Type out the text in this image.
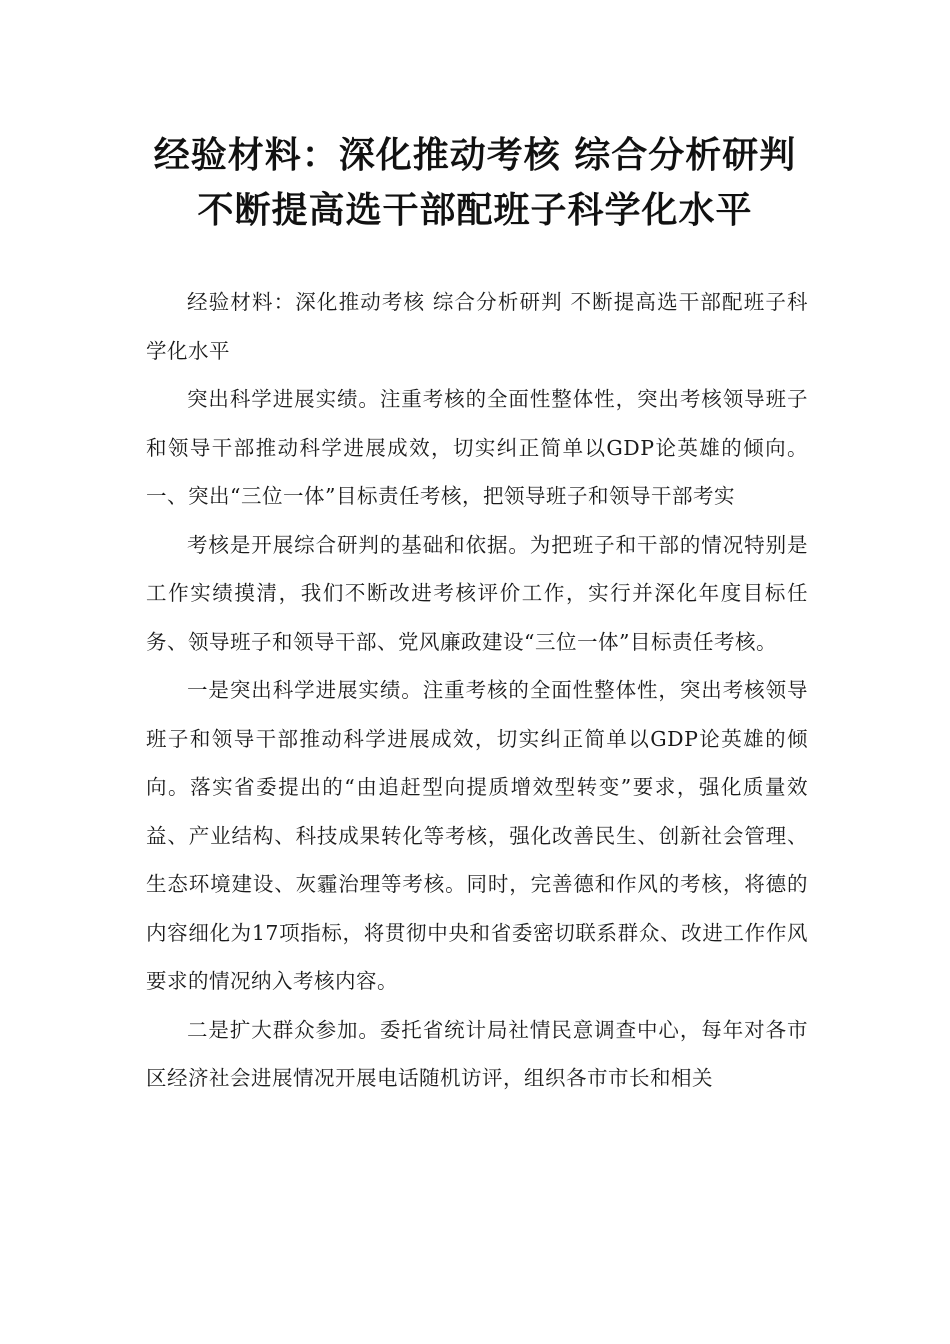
经验材料：深化推动考核 综合分析研判 不断提高选干部配班子科学化水平

经验材料：深化推动考核 综合分析研判 不断提高选干部配班子科学化水平

突出科学进展实绩。注重考核的全面性整体性，突出考核领导班子和领导干部推动科学进展成效，切实纠正简单以GDP论英雄的倾向。一、突出“三位一体”目标责任考核，把领导班子和领导干部考实

考核是开展综合研判的基础和依据。为把班子和干部的情况特别是工作实绩摸清，我们不断改进考核评价工作，实行并深化年度目标任务、领导班子和领导干部、党风廉政建设“三位一体”目标责任考核。

一是突出科学进展实绩。注重考核的全面性整体性，突出考核领导班子和领导干部推动科学进展成效，切实纠正简单以GDP论英雄的倾向。落实省委提出的“由追赶型向提质增效型转变”要求，强化质量效益、产业结构、科技成果转化等考核，强化改善民生、创新社会管理、生态环境建设、灰霾治理等考核。同时，完善德和作风的考核，将德的内容细化为17项指标，将贯彻中央和省委密切联系群众、改进工作作风要求的情况纳入考核内容。

二是扩大群众参加。委托省统计局社情民意调查中心，每年对各市区经济社会进展情况开展电话随机访评，组织各市市长和相关
